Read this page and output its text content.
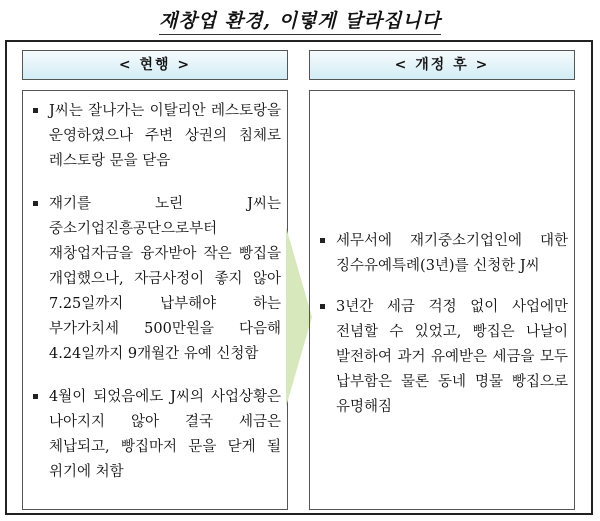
재창업 환경, 이렇게 달라집니다
< 현행 >
J씨는 잘나가는 이탈리안 레스토랑을 운영하였으나 주변 상권의 침체로 레스토랑 문을 닫음
재기를 노린 J씨는 중소기업진흥공단으로부터 재창업자금을 융자받아 작은 빵집을 개업했으나, 자금사정이 좋지 않아 7.25일까지 납부해야 하는 부가가치세 500만원을 다음해 4.24일까지 9개월간 유예 신청함
4월이 되었음에도 J씨의 사업상황은 나아지지 않아 결국 세금은 체납되고, 빵집마저 문을 닫게 될 위기에 처함
< 개정 후 >
세무서에 재기중소기업인에 대한 징수유예특례(3년)를 신청한 J씨
3년간 세금 걱정 없이 사업에만 전념할 수 있었고, 빵집은 나날이 발전하여 과거 유예받은 세금을 모두 납부함은 물론 동네 명물 빵집으로 유명해짐
